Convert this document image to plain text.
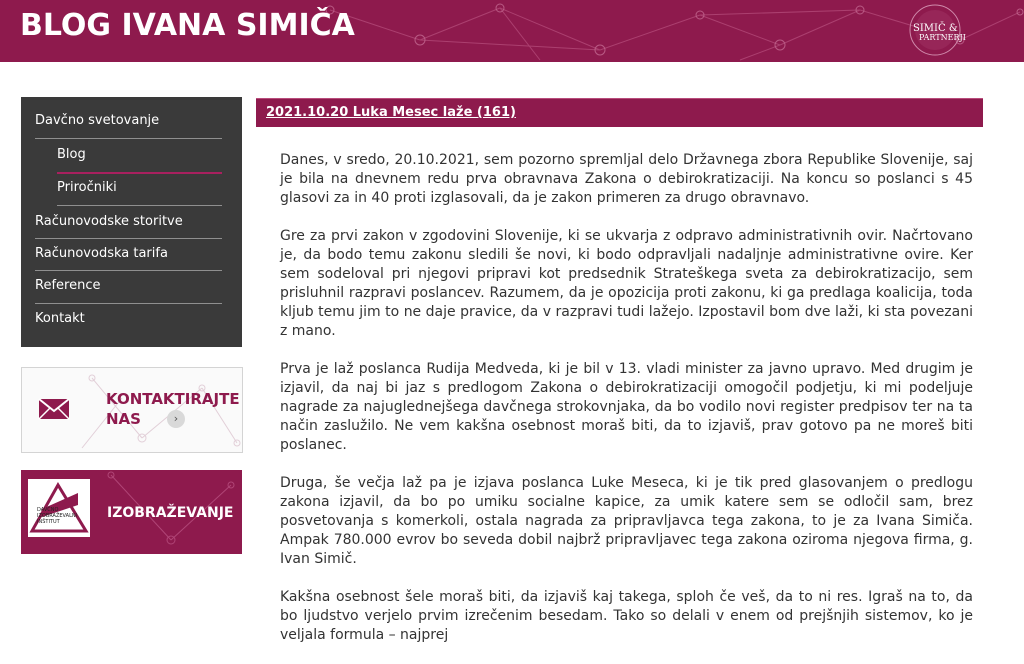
BLOG IVANA SIMIČA	SIMIČ &
PARTNERJI
Davčno svetovanje
Blog
Priročniki
Računovodske storitve
Računovodska tarifa
Reference
Kontakt
KONTAKTIRAJTE NAS	›
DAVČNO IZOBRAŽEVALNI INŠTITUT
IZOBRAŽEVANJE
2021.10.20 Luka Mesec laže (161)

Danes, v sredo, 20.10.2021, sem pozorno spremljal delo Državnega zbora Republike Slovenije, saj je bila na dnevnem redu prva obravnava Zakona o debirokratizaciji. Na koncu so poslanci s 45 glasovi za in 40 proti izglasovali, da je zakon primeren za drugo obravnavo.

Gre za prvi zakon v zgodovini Slovenije, ki se ukvarja z odpravo administrativnih ovir. Načrtovano je, da bodo temu zakonu sledili še novi, ki bodo odpravljali nadaljnje administrativne ovire. Ker sem sodeloval pri njegovi pripravi kot predsednik Strateškega sveta za debirokratizacijo, sem prisluhnil razpravi poslancev. Razumem, da je opozicija proti zakonu, ki ga predlaga koalicija, toda kljub temu jim to ne daje pravice, da v razpravi tudi lažejo. Izpostavil bom dve laži, ki sta povezani z mano.

Prva je laž poslanca Rudija Medveda, ki je bil v 13. vladi minister za javno upravo. Med drugim je izjavil, da naj bi jaz s predlogom Zakona o debirokratizaciji omogočil podjetju, ki mi podeljuje nagrade za najuglednejšega davčnega strokovnjaka, da bo vodilo novi register predpisov ter na ta način zaslužilo. Ne vem kakšna osebnost moraš biti, da to izjaviš, prav gotovo pa ne moreš biti poslanec.

Druga, še večja laž pa je izjava poslanca Luke Meseca, ki je tik pred glasovanjem o predlogu zakona izjavil, da bo po umiku socialne kapice, za umik katere sem se odločil sam, brez posvetovanja s komerkoli, ostala nagrada za pripravljavca tega zakona, to je za Ivana Simiča. Ampak 780.000 evrov bo seveda dobil najbrž pripravljavec tega zakona oziroma njegova firma, g. Ivan Simič.

Kakšna osebnost šele moraš biti, da izjaviš kaj takega, sploh če veš, da to ni res. Igraš na to, da bo ljudstvo verjelo prvim izrečenim besedam. Tako so delali v enem od prejšnjih sistemov, ko je veljala formula – najprej
